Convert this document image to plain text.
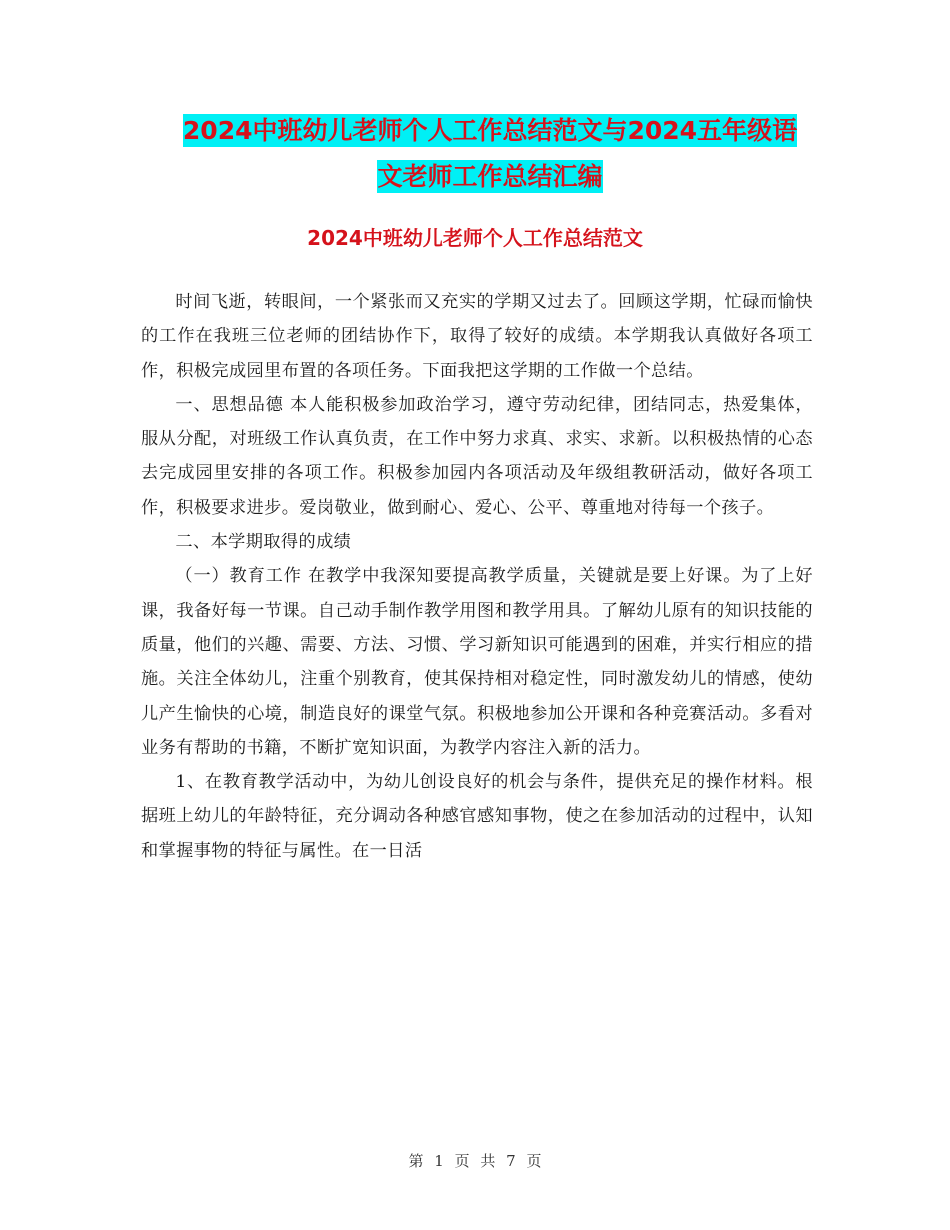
2024中班幼儿老师个人工作总结范文与2024五年级语
文老师工作总结汇编
2024中班幼儿老师个人工作总结范文

时间飞逝，转眼间，一个紧张而又充实的学期又过去了。回顾这学期，忙碌而愉快的工作在我班三位老师的团结协作下，取得了较好的成绩。本学期我认真做好各项工作，积极完成园里布置的各项任务。下面我把这学期的工作做一个总结。

一、思想品德 本人能积极参加政治学习，遵守劳动纪律，团结同志，热爱集体，服从分配，对班级工作认真负责，在工作中努力求真、求实、求新。以积极热情的心态去完成园里安排的各项工作。积极参加园内各项活动及年级组教研活动，做好各项工作，积极要求进步。爱岗敬业，做到耐心、爱心、公平、尊重地对待每一个孩子。

二、本学期取得的成绩

（一）教育工作 在教学中我深知要提高教学质量，关键就是要上好课。为了上好课，我备好每一节课。自己动手制作教学用图和教学用具。了解幼儿原有的知识技能的质量，他们的兴趣、需要、方法、习惯、学习新知识可能遇到的困难，并实行相应的措施。关注全体幼儿，注重个别教育，使其保持相对稳定性，同时激发幼儿的情感，使幼儿产生愉快的心境，制造良好的课堂气氛。积极地参加公开课和各种竞赛活动。多看对业务有帮助的书籍，不断扩宽知识面，为教学内容注入新的活力。

1、在教育教学活动中，为幼儿创设良好的机会与条件，提供充足的操作材料。根据班上幼儿的年龄特征，充分调动各种感官感知事物，使之在参加活动的过程中，认知和掌握事物的特征与属性。在一日活

第 1 页 共 7 页
